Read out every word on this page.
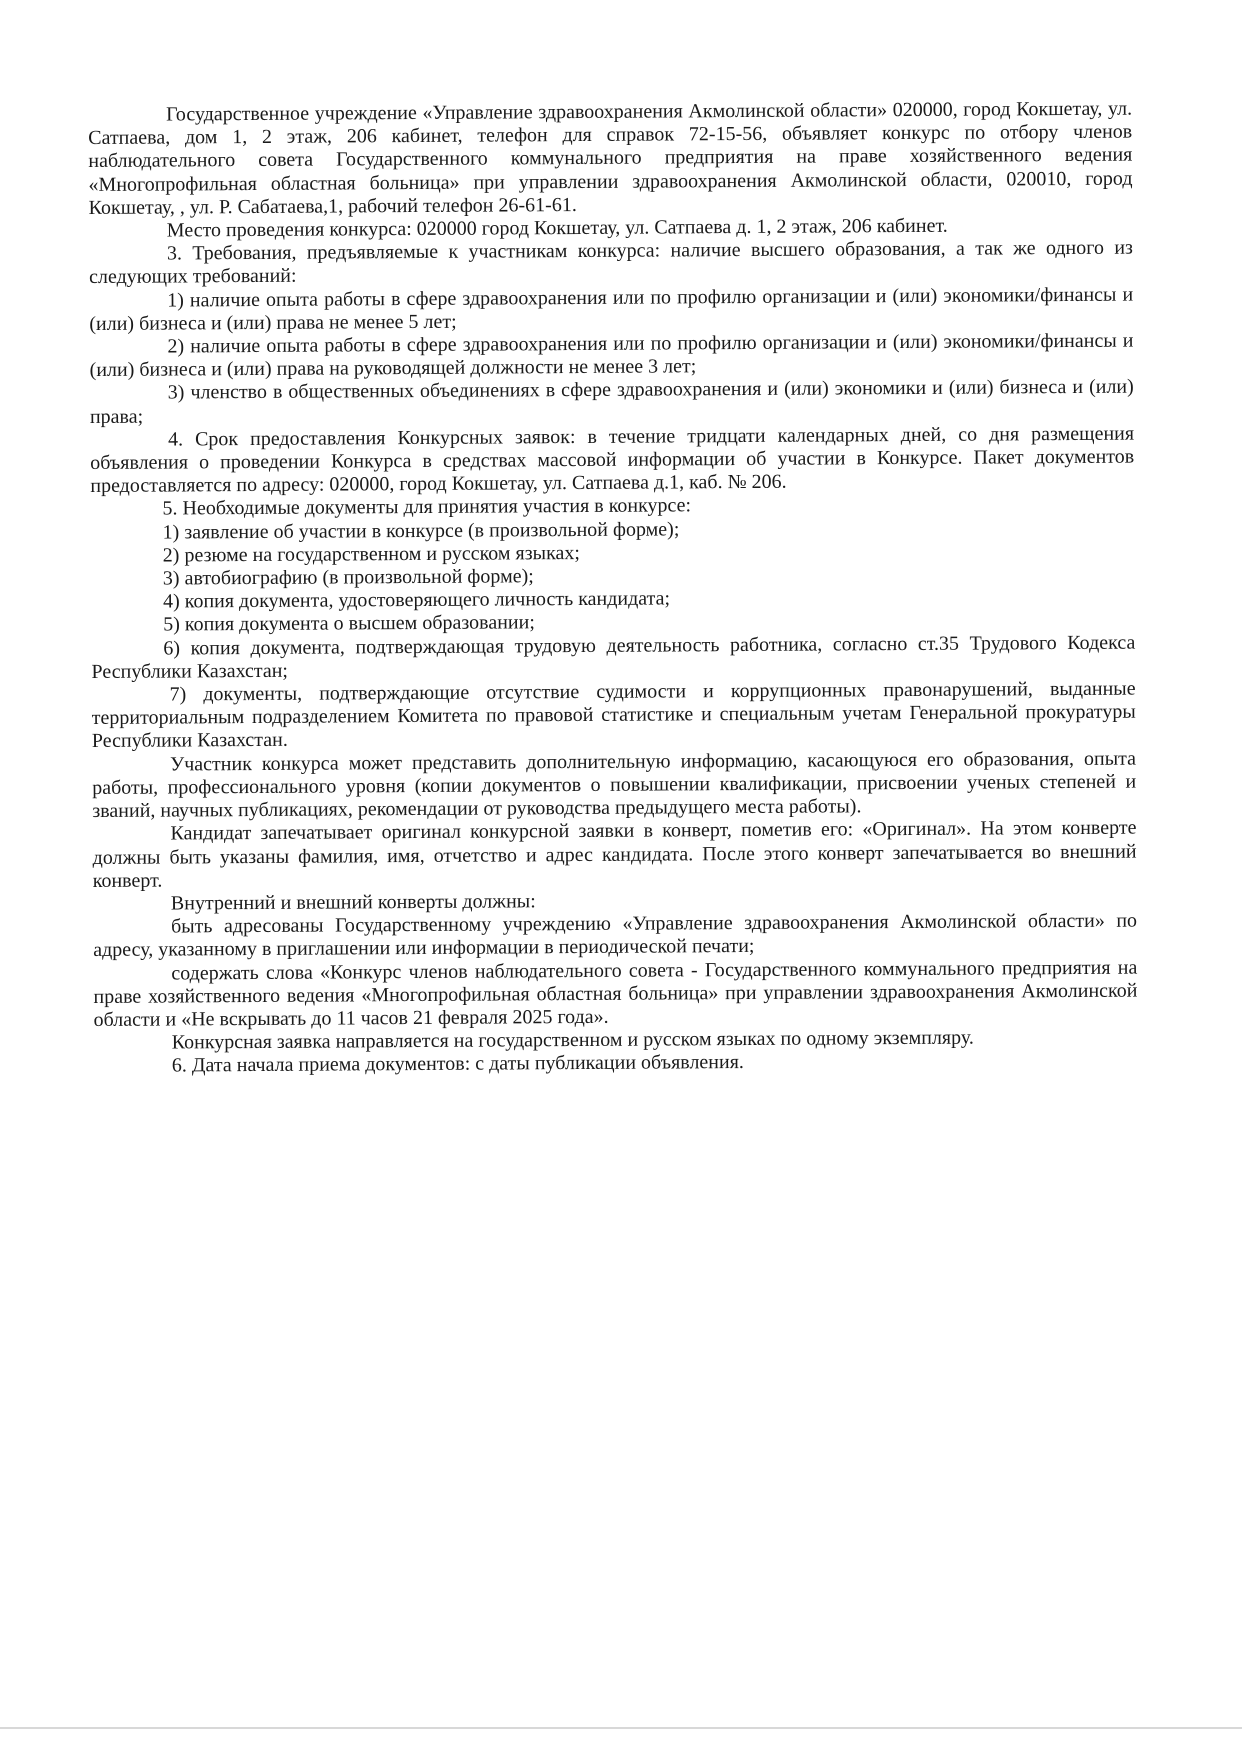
Государственное учреждение «Управление здравоохранения Акмолинской области» 020000, город Кокшетау, ул. Сатпаева, дом 1, 2 этаж, 206 кабинет, телефон для справок 72-15-56, объявляет конкурс по отбору членов наблюдательного совета Государственного коммунального предприятия на праве хозяйственного ведения «Многопрофильная областная больница» при управлении здравоохранения Акмолинской области, 020010, город Кокшетау, , ул. Р. Сабатаева,1, рабочий телефон 26-61-61.

Место проведения конкурса: 020000 город Кокшетау, ул. Сатпаева д. 1, 2 этаж, 206 кабинет.

3. Требования, предъявляемые к участникам конкурса: наличие высшего образования, а так же одного из следующих требований:

1) наличие опыта работы в сфере здравоохранения или по профилю организации и (или) экономики/финансы и (или) бизнеса и (или) права не менее 5 лет;

2) наличие опыта работы в сфере здравоохранения или по профилю организации и (или) экономики/финансы и (или) бизнеса и (или) права на руководящей должности не менее 3 лет;

3) членство в общественных объединениях в сфере здравоохранения и (или) экономики и (или) бизнеса и (или) права;

4. Срок предоставления Конкурсных заявок: в течение тридцати календарных дней, со дня размещения объявления о проведении Конкурса в средствах массовой информации об участии в Конкурсе. Пакет документов предоставляется по адресу: 020000, город Кокшетау, ул. Сатпаева д.1, каб. № 206.

5. Необходимые документы для принятия участия в конкурсе:

1) заявление об участии в конкурсе (в произвольной форме);

2) резюме на государственном и русском языках;

3) автобиографию (в произвольной форме);

4) копия документа, удостоверяющего личность кандидата;

5) копия документа о высшем образовании;

6) копия документа, подтверждающая трудовую деятельность работника, согласно ст.35 Трудового Кодекса Республики Казахстан;

7) документы, подтверждающие отсутствие судимости и коррупционных правонарушений, выданные территориальным подразделением Комитета по правовой статистике и специальным учетам Генеральной прокуратуры Республики Казахстан.

Участник конкурса может представить дополнительную информацию, касающуюся его образования, опыта работы, профессионального уровня (копии документов о повышении квалификации, присвоении ученых степеней и званий, научных публикациях, рекомендации от руководства предыдущего места работы).

Кандидат запечатывает оригинал конкурсной заявки в конверт, пометив его: «Оригинал». На этом конверте должны быть указаны фамилия, имя, отчетство и адрес кандидата. После этого конверт запечатывается во внешний конверт.

Внутренний и внешний конверты должны:

быть адресованы Государственному учреждению «Управление здравоохранения Акмолинской области» по адресу, указанному в приглашении или информации в периодической печати;

содержать слова «Конкурс членов наблюдательного совета - Государственного коммунального предприятия на праве хозяйственного ведения «Многопрофильная областная больница» при управлении здравоохранения Акмолинской области и «Не вскрывать до 11 часов 21 февраля 2025 года».

Конкурсная заявка направляется на государственном и русском языках по одному экземпляру.

6. Дата начала приема документов: с даты публикации объявления.
